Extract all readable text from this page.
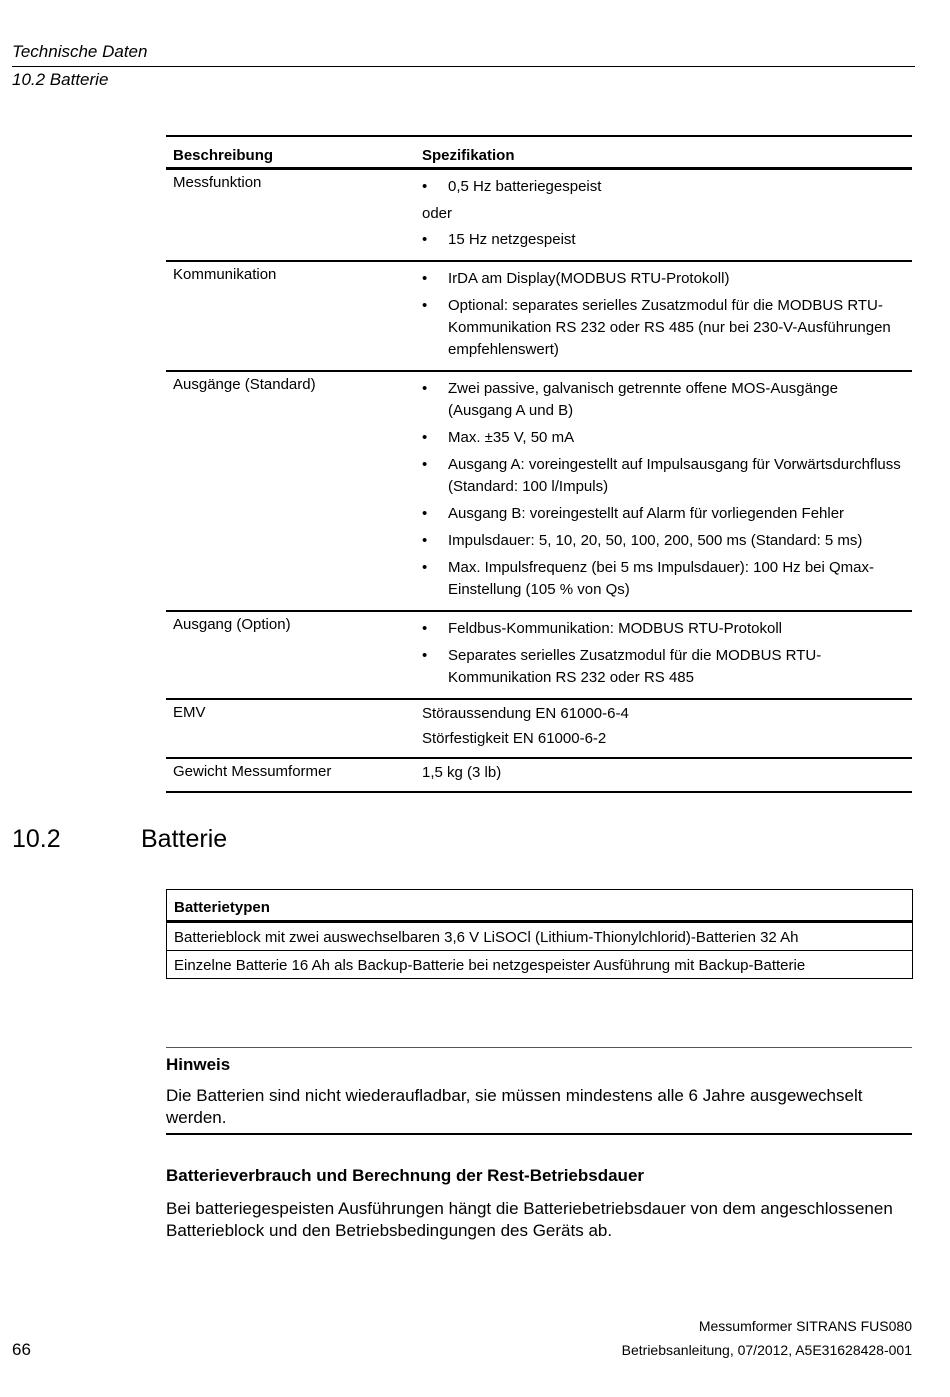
Technische Daten
10.2 Batterie
Beschreibung	Spezifikation
Messfunktion	•	0,5 Hz batteriegespeist
oder
•	15 Hz netzgespeist
Kommunikation	•	IrDA am Display(MODBUS RTU-Protokoll)
•	Optional: separates serielles Zusatzmodul für die MODBUS RTU-Kommunikation RS 232 oder RS 485 (nur bei 230-V-Ausführungen empfehlenswert)
Ausgänge (Standard)	•	Zwei passive, galvanisch getrennte offene MOS-Ausgänge (Ausgang A und B)
•	Max. ±35 V, 50 mA
•	Ausgang A: voreingestellt auf Impulsausgang für Vorwärtsdurchfluss (Standard: 100 l/Impuls)
•	Ausgang B: voreingestellt auf Alarm für vorliegenden Fehler
•	Impulsdauer: 5, 10, 20, 50, 100, 200, 500 ms (Standard: 5 ms)
•	Max. Impulsfrequenz (bei 5 ms Impulsdauer): 100 Hz bei Qmax-Einstellung (105 % von Qs)
Ausgang (Option)	•	Feldbus-Kommunikation: MODBUS RTU-Protokoll
•	Separates serielles Zusatzmodul für die MODBUS RTU-Kommunikation RS 232 oder RS 485
EMV	Störaussendung EN 61000-6-4
Störfestigkeit EN 61000-6-2
Gewicht Messumformer	1,5 kg (3 lb)
10.2	Batterie
Batterietypen
Batterieblock mit zwei auswechselbaren 3,6 V LiSOCl (Lithium-Thionylchlorid)-Batterien 32 Ah
Einzelne Batterie 16 Ah als Backup-Batterie bei netzgespeister Ausführung mit Backup-Batterie
Hinweis
Die Batterien sind nicht wiederaufladbar, sie müssen mindestens alle 6 Jahre ausgewechselt werden.
Batterieverbrauch und Berechnung der Rest-Betriebsdauer
Bei batteriegespeisten Ausführungen hängt die Batteriebetriebsdauer von dem angeschlossenen Batterieblock und den Betriebsbedingungen des Geräts ab.
Messumformer SITRANS FUS080
66	Betriebsanleitung, 07/2012, A5E31628428-001
